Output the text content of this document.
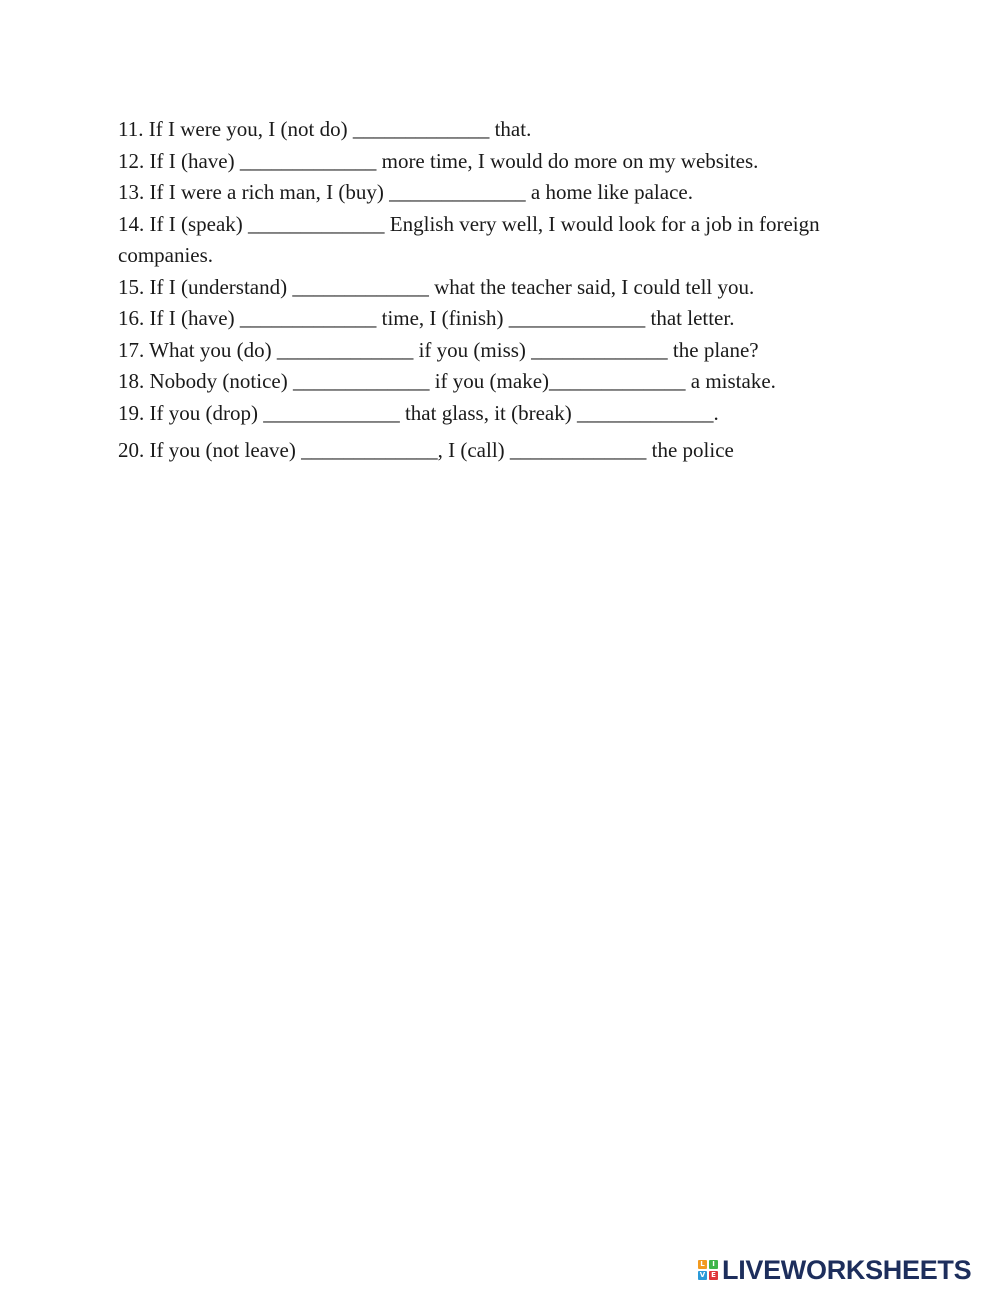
11. If I were you, I (not do) _____________ that.

12. If I (have) _____________ more time, I would do more on my websites.

13. If I were a rich man, I (buy) _____________ a home like palace.

14. If I (speak) _____________ English very well, I would look for a job in foreign companies.

15. If I (understand) _____________ what the teacher said, I could tell you.

16. If I (have) _____________ time, I (finish) _____________ that letter.

17. What you (do) _____________ if you (miss) _____________ the plane?

18. Nobody (notice) _____________ if you (make)_____________ a mistake.

19. If you (drop) _____________ that glass, it (break) _____________.

20. If you (not leave) _____________, I (call) _____________ the police

L	I
V E LIVEWORKSHEETS
